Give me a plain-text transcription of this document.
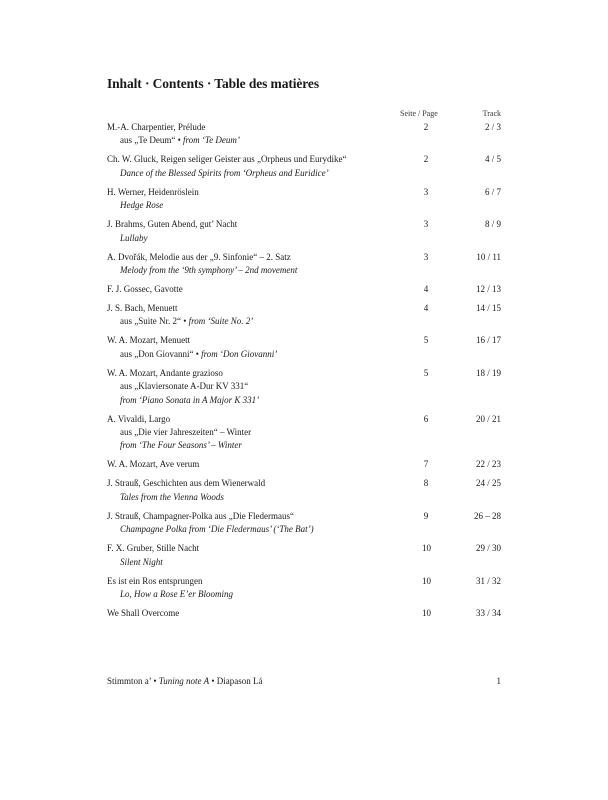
Inhalt · Contents · Table des matières
Seite / Page	Track
M.-A. Charpentier, Prélude
aus „Te Deum“ • from ‘Te Deum’
2	2 / 3
Ch. W. Gluck, Reigen seliger Geister aus „Orpheus und Eurydike“
Dance of the Blessed Spirits from ‘Orpheus and Euridice’
2	4 / 5
H. Werner, Heidenröslein
Hedge Rose
3	6 / 7
J. Brahms, Guten Abend, gut’ Nacht
Lullaby
3	8 / 9
A. Dvořák, Melodie aus der „9. Sinfonie“ – 2. Satz
Melody from the ‘9th symphony’ – 2nd movement
3	10 / 11
F. J. Gossec, Gavotte	4	12 / 13
J. S. Bach, Menuett
aus „Suite Nr. 2“ • from ‘Suite No. 2’
4	14 / 15
W. A. Mozart, Menuett
aus „Don Giovanni“ • from ‘Don Giovanni’
5	16 / 17
W. A. Mozart, Andante grazioso
aus „Klaviersonate A-Dur KV 331“
from ‘Piano Sonata in A Major K 331’
5	18 / 19
A. Vivaldi, Largo
aus „Die vier Jahreszeiten“ – Winter
from ‘The Four Seasons’ – Winter
6	20 / 21
W. A. Mozart, Ave verum	7	22 / 23
J. Strauß, Geschichten aus dem Wienerwald
Tales from the Vienna Woods
8	24 / 25
J. Strauß, Champagner-Polka aus „Die Fledermaus“
Champagne Polka from ‘Die Fledermaus’ (‘The Bat’)
9	26 – 28
F. X. Gruber, Stille Nacht
Silent Night
10	29 / 30
Es ist ein Ros entsprungen
Lo, How a Rose E’er Blooming
10	31 / 32
We Shall Overcome	10	33 / 34
Stimmton a’ • Tuning note A • Diapason Lá	1
